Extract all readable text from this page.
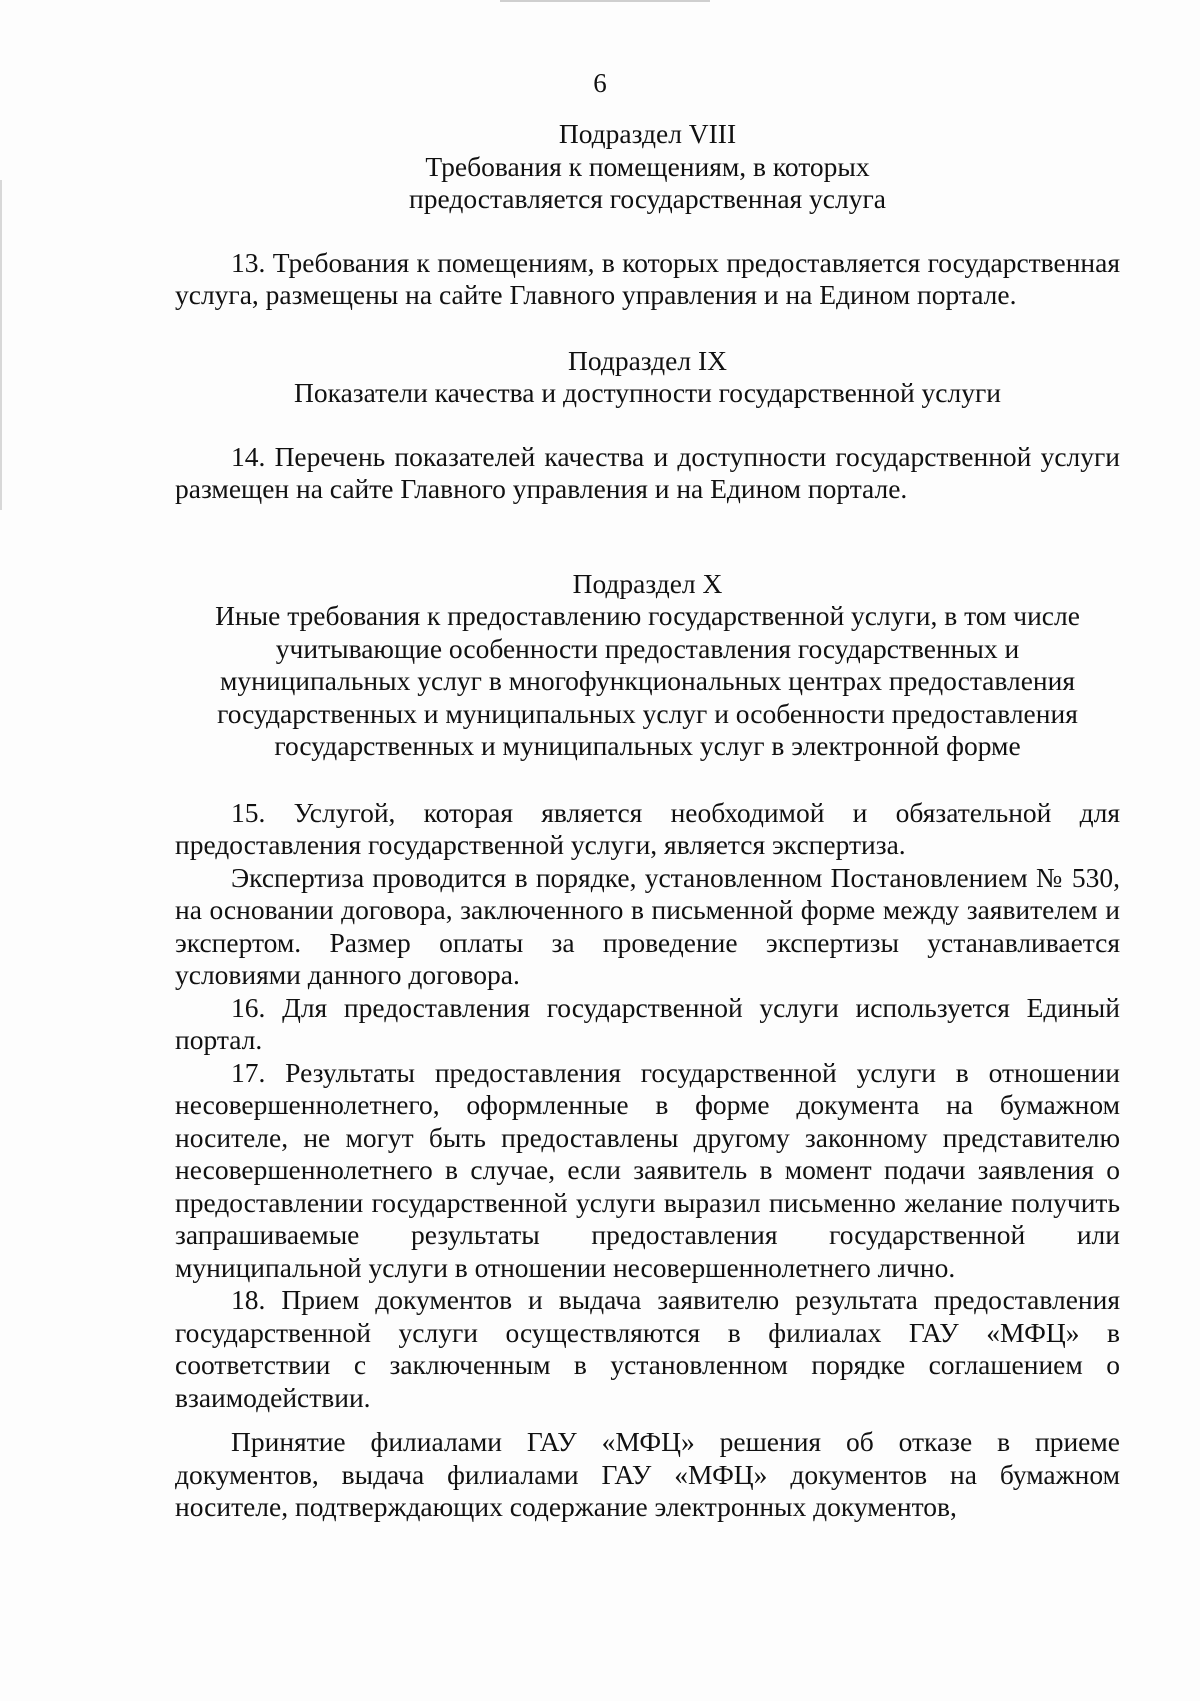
6
Подраздел VIII
Требования к помещениям, в которых
предоставляется государственная услуга

13. Требования к помещениям, в которых предоставляется государственная услуга, размещены на сайте Главного управления и на Едином портале.

Подраздел IX
Показатели качества и доступности государственной услуги

14. Перечень показателей качества и доступности государственной услуги размещен на сайте Главного управления и на Едином портале.

Подраздел X
Иные требования к предоставлению государственной услуги, в том числе
учитывающие особенности предоставления государственных и
муниципальных услуг в многофункциональных центрах предоставления
государственных и муниципальных услуг и особенности предоставления
государственных и муниципальных услуг в электронной форме

15. Услугой, которая является необходимой и обязательной для предоставления государственной услуги, является экспертиза.

Экспертиза проводится в порядке, установленном Постановлением № 530, на основании договора, заключенного в письменной форме между заявителем и экспертом. Размер оплаты за проведение экспертизы устанавливается условиями данного договора.

16. Для предоставления государственной услуги используется Единый портал.

17. Результаты предоставления государственной услуги в отношении несовершеннолетнего, оформленные в форме документа на бумажном носителе, не могут быть предоставлены другому законному представителю несовершеннолетнего в случае, если заявитель в момент подачи заявления о предоставлении государственной услуги выразил письменно желание получить запрашиваемые результаты предоставления государственной или муниципальной услуги в отношении несовершеннолетнего лично.

18. Прием документов и выдача заявителю результата предоставления государственной услуги осуществляются в филиалах ГАУ «МФЦ» в соответствии с заключенным в установленном порядке соглашением о взаимодействии.

Принятие филиалами ГАУ «МФЦ» решения об отказе в приеме документов, выдача филиалами ГАУ «МФЦ» документов на бумажном носителе, подтверждающих содержание электронных документов,
